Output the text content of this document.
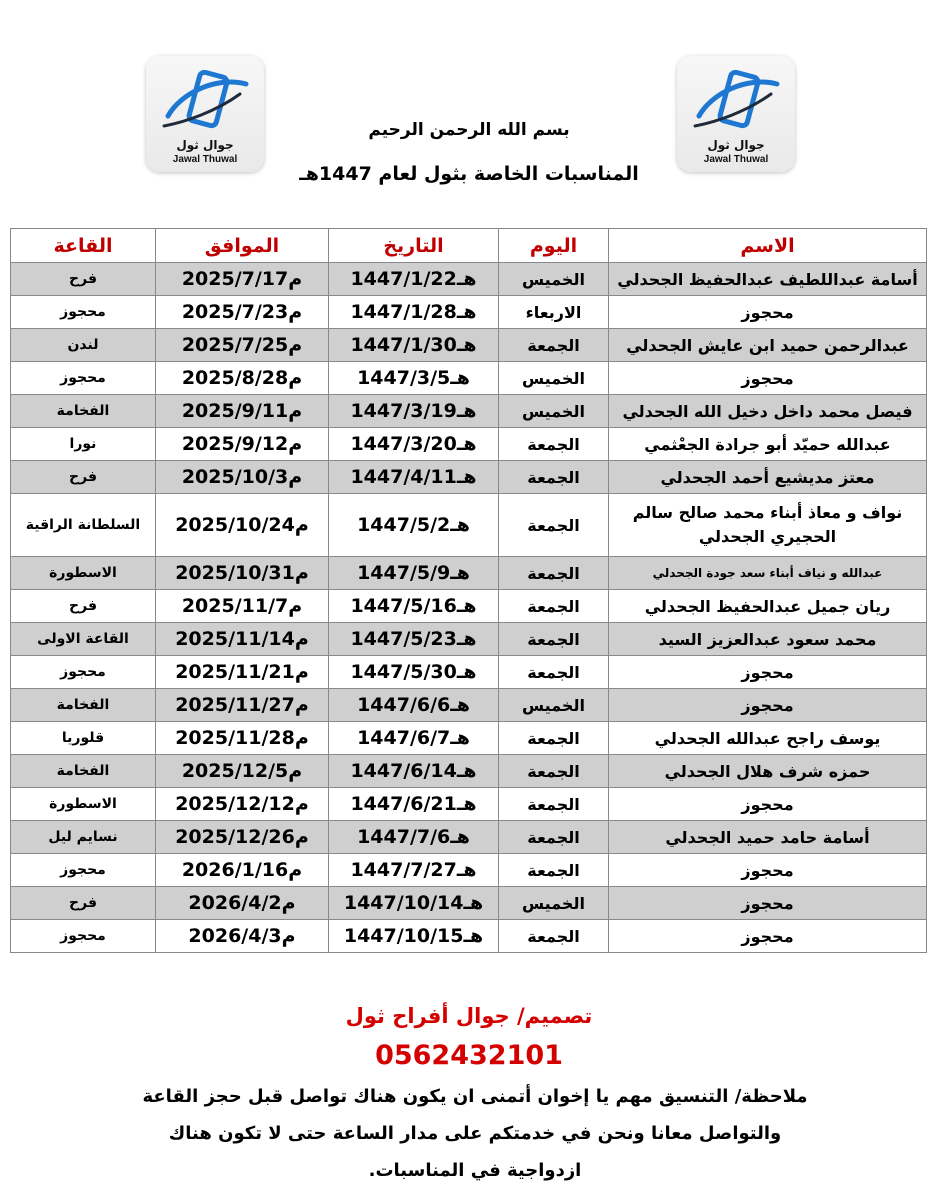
جوال ثول
Jawal Thuwal
جوال ثول
Jawal Thuwal
بسم الله الرحمن الرحيم
المناسبات الخاصة بثول لعام 1447هـ
الاسم	اليوم	التاريخ	الموافق	القاعة
أسامة عبداللطيف عبدالحفيظ الجحدلي	الخميس	1447/1/22هـ	2025/7/17م	فرح
محجوز	الاربعاء	1447/1/28هـ	2025/7/23م	محجوز
عبدالرحمن حميد ابن عايش الجحدلي	الجمعة	1447/1/30هـ	2025/7/25م	لندن
محجوز	الخميس	1447/3/5هـ	2025/8/28م	محجوز
فيصل محمد داخل دخيل الله الجحدلي	الخميس	1447/3/19هـ	2025/9/11م	الفخامة
عبدالله حميّد أبو جرادة الجعْثمي	الجمعة	1447/3/20هـ	2025/9/12م	نورا
معتز مديشيع أحمد الجحدلي	الجمعة	1447/4/11هـ	2025/10/3م	فرح
نواف و معاذ أبناء محمد صالح سالم الحجيري الجحدلي	الجمعة	1447/5/2هـ	2025/10/24م	السلطانة الراقية
عبدالله و نياف أبناء سعد جودة الجحدلي	الجمعة	1447/5/9هـ	2025/10/31م	الاسطورة
ريان جميل عبدالحفيظ الجحدلي	الجمعة	1447/5/16هـ	2025/11/7م	فرح
محمد سعود عبدالعزيز السيد	الجمعة	1447/5/23هـ	2025/11/14م	القاعة الاولى
محجوز	الجمعة	1447/5/30هـ	2025/11/21م	محجوز
محجوز	الخميس	1447/6/6هـ	2025/11/27م	الفخامة
يوسف راجح عبدالله الجحدلي	الجمعة	1447/6/7هـ	2025/11/28م	قلوريا
حمزه شرف هلال الجحدلي	الجمعة	1447/6/14هـ	2025/12/5م	الفخامة
محجوز	الجمعة	1447/6/21هـ	2025/12/12م	الاسطورة
أسامة حامد حميد الجحدلي	الجمعة	1447/7/6هـ	2025/12/26م	نسايم ليل
محجوز	الجمعة	1447/7/27هـ	2026/1/16م	محجوز
محجوز	الخميس	1447/10/14هـ	2026/4/2م	فرح
محجوز	الجمعة	1447/10/15هـ	2026/4/3م	محجوز
تصميم/ جوال أفراح ثول
0562432101
ملاحظة/ التنسيق مهم يا إخوان أتمنى ان يكون هناك تواصل قبل حجز القاعة والتواصل معانا ونحن في خدمتكم على مدار الساعة حتى لا تكون هناك ازدواجية في المناسبات.
